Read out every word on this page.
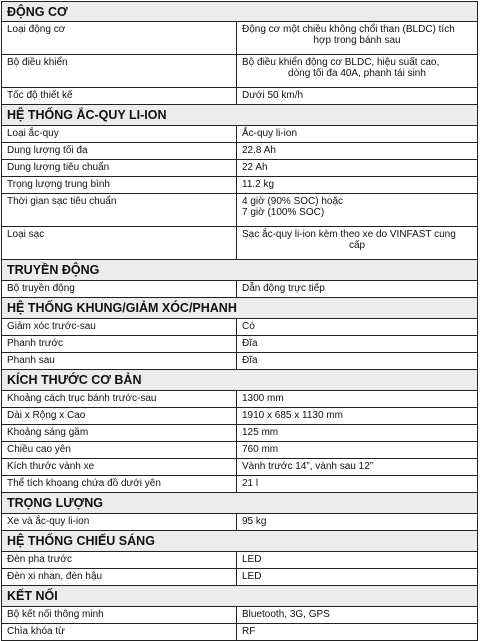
ĐỘNG CƠ
Loại động cơ	Động cơ một chiều không chổi than (BLDC) tích
hợp trong bánh sau
Bộ điều khiển	Bộ điều khiển động cơ BLDC, hiệu suất cao,
dòng tối đa 40A, phanh tái sinh
Tốc độ thiết kế	Dưới 50 km/h
HỆ THỐNG ẮC-QUY LI-ION
Loại ắc-quy	Ắc-quy li-ion
Dung lượng tối đa	22.8 Ah
Dung lượng tiêu chuẩn	22 Ah
Trọng lượng trung bình	11.2 kg
Thời gian sạc tiêu chuẩn	4 giờ (90% SOC) hoặc
7 giờ (100% SOC)
Loại sạc	Sạc ắc-quy li-ion kèm theo xe do VINFAST cung
cấp
TRUYỀN ĐỘNG
Bộ truyền động	Dẫn động trực tiếp
HỆ THỐNG KHUNG/GIẢM XÓC/PHANH
Giảm xóc trước-sau	Có
Phanh trước	Đĩa
Phanh sau	Đĩa
KÍCH THƯỚC CƠ BẢN
Khoảng cách trục bánh trước-sau	1300 mm
Dài x Rộng x Cao	1910 x 685 x 1130 mm
Khoảng sáng gầm	125 mm
Chiều cao yên	760 mm
Kích thước vành xe	Vành trước 14”, vành sau 12”
Thể tích khoang chứa đồ dưới yên	21 l
TRỌNG LƯỢNG
Xe và ắc-quy li-ion	95 kg
HỆ THỐNG CHIẾU SÁNG
Đèn pha trước	LED
Đèn xi nhan, đèn hậu	LED
KẾT NỐI
Bộ kết nối thông minh	Bluetooth, 3G, GPS
Chìa khóa từ	RF
